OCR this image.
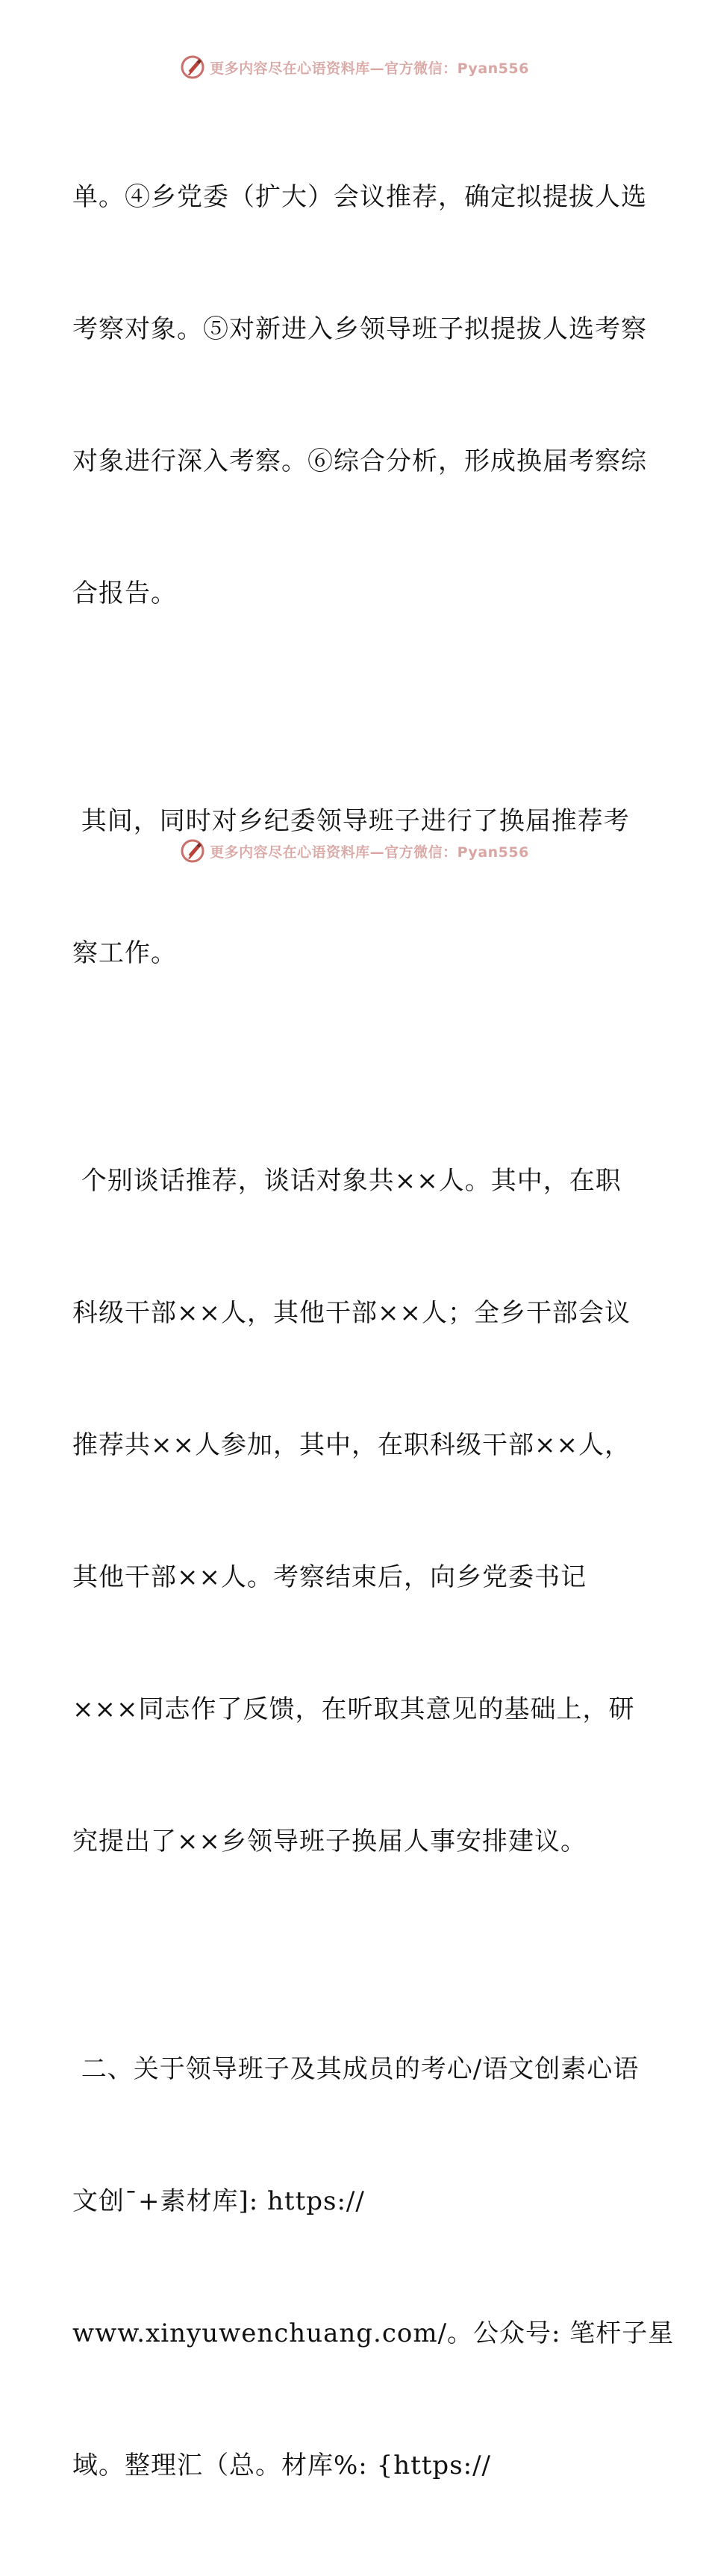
更多内容尽在心语资料库—官方微信：Pyan556

单。④乡党委（扩大）会议推荐，确定拟提拔人选

考察对象。⑤对新进入乡领导班子拟提拔人选考察

对象进行深入考察。⑥综合分析，形成换届考察综

合报告。

其间，同时对乡纪委领导班子进行了换届推荐考

察工作。

个别谈话推荐，谈话对象共××人。其中，在职

科级干部××人，其他干部××人；全乡干部会议

推荐共××人参加，其中，在职科级干部××人，

其他干部××人。考察结束后，向乡党委书记

×××同志作了反馈，在听取其意见的基础上，研

究提出了××乡领导班子换届人事安排建议。

二、关于领导班子及其成员的考心/语文创素心语

文创¯+素材库]: https://

www.xinyuwenchuang.com/。公众号: 笔杆子星

域。整理汇（总。材库%: {https://

更多内容尽在心语资料库—官方微信：Pyan556
